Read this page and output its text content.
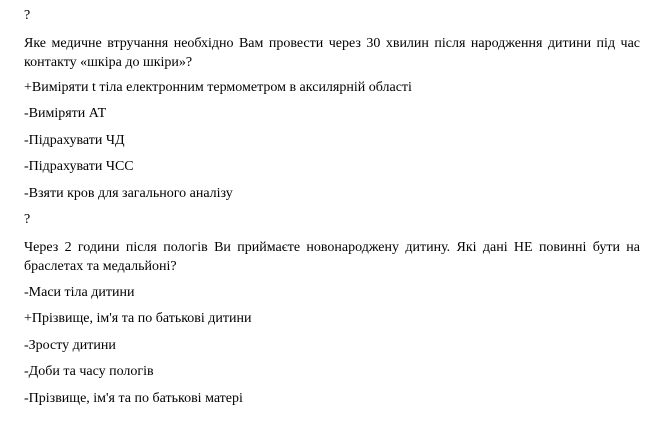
?
Яке медичне втручання необхідно Вам провести через 30 хвилин після народження дитини під час контакту «шкіра до шкіри»?
+Виміряти t тіла електронним термометром в аксилярній області
-Виміряти АТ
-Підрахувати ЧД
-Підрахувати ЧСС
-Взяти кров для загального аналізу
?
Через 2 години після пологів Ви приймаєте новонароджену дитину. Які дані НЕ повинні бути на браслетах та медальйоні?
-Маси тіла дитини
+Прізвище, ім'я та по батькові дитини
-Зросту дитини
-Доби та часу пологів
-Прізвище, ім'я та по батькові матері
